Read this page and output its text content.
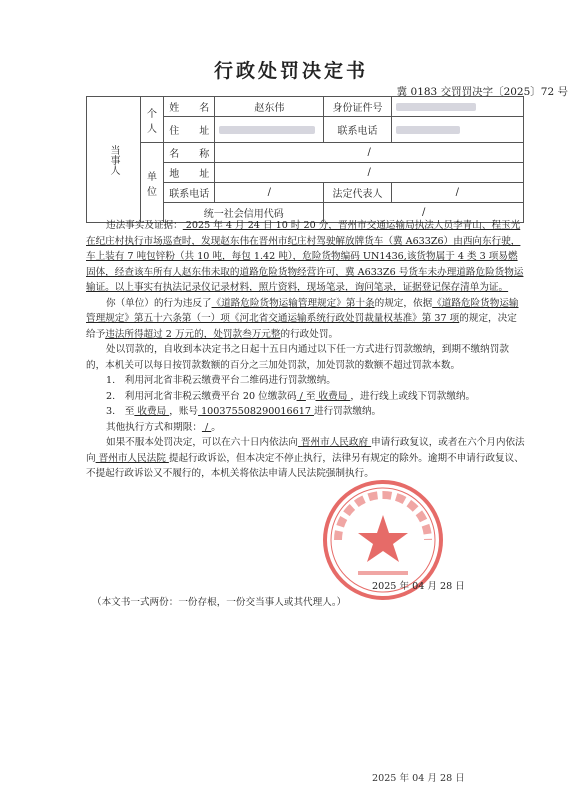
行政处罚决定书
冀 0183 交罚罚决字〔2025〕72 号
当事人	个人	姓　　名	赵东伟	身份证件号	
		住　　址		联系电话	
	单位	名　　称	/		
		地　　址	/		
		联系电话	/	法定代表人	/
		统一社会信用代码		/	

违法事实及证据： 2025 年 4 月 24 日 10 时 20 分，晋州市交通运输局执法人员李青山、程玉光在纪庄村执行市场巡查时，发现赵东伟在晋州市纪庄村驾驶解放牌货车（冀 A633Z6）由西向东行驶，车上装有 7 吨包锌粉（共 10 吨，每包 1.42 吨），危险货物编码 UN1436,该货物属于 4 类 3 项易燃固体，经查该车所有人赵东伟未取的道路危险货物经营许可，冀 A633Z6 号货车未办理道路危险货物运输证。以上事实有执法记录仪记录材料，照片资料，现场笔录，询问笔录，证据登记保存清单为证。

你（单位）的行为违反了《道路危险货物运输管理规定》第十条的规定，依据《道路危险货物运输管理规定》第五十六条第（一）项《河北省交通运输系统行政处罚裁量权基准》第 37 项的规定，决定给予违法所得超过 2 万元的，处罚款叁万元整的行政处罚。

处以罚款的，自收到本决定书之日起十五日内通过以下任一方式进行罚款缴纳，到期不缴纳罚款的，本机关可以每日按罚款数额的百分之三加处罚款，加处罚款的数额不超过罚款本数。

1.　利用河北省非税云缴费平台二维码进行罚款缴纳。

2.　利用河北省非税云缴费平台 20 位缴款码 / 至 收费局 ，进行线上或线下罚款缴纳。

3.　至 收费局 ，账号 100375508290016617 进行罚款缴纳。

其他执行方式和期限： / 。

如果不服本处罚决定，可以在六十日内依法向 晋州市人民政府 申请行政复议，或者在六个月内依法向 晋州市人民法院 提起行政诉讼，但本决定不停止执行，法律另有规定的除外。逾期不申请行政复议、不提起行政诉讼又不履行的，本机关将依法申请人民法院强制执行。

2025 年 04 月 28 日
（本文书一式两份：一份存根，一份交当事人或其代理人。）
2025 年 04 月 28 日
